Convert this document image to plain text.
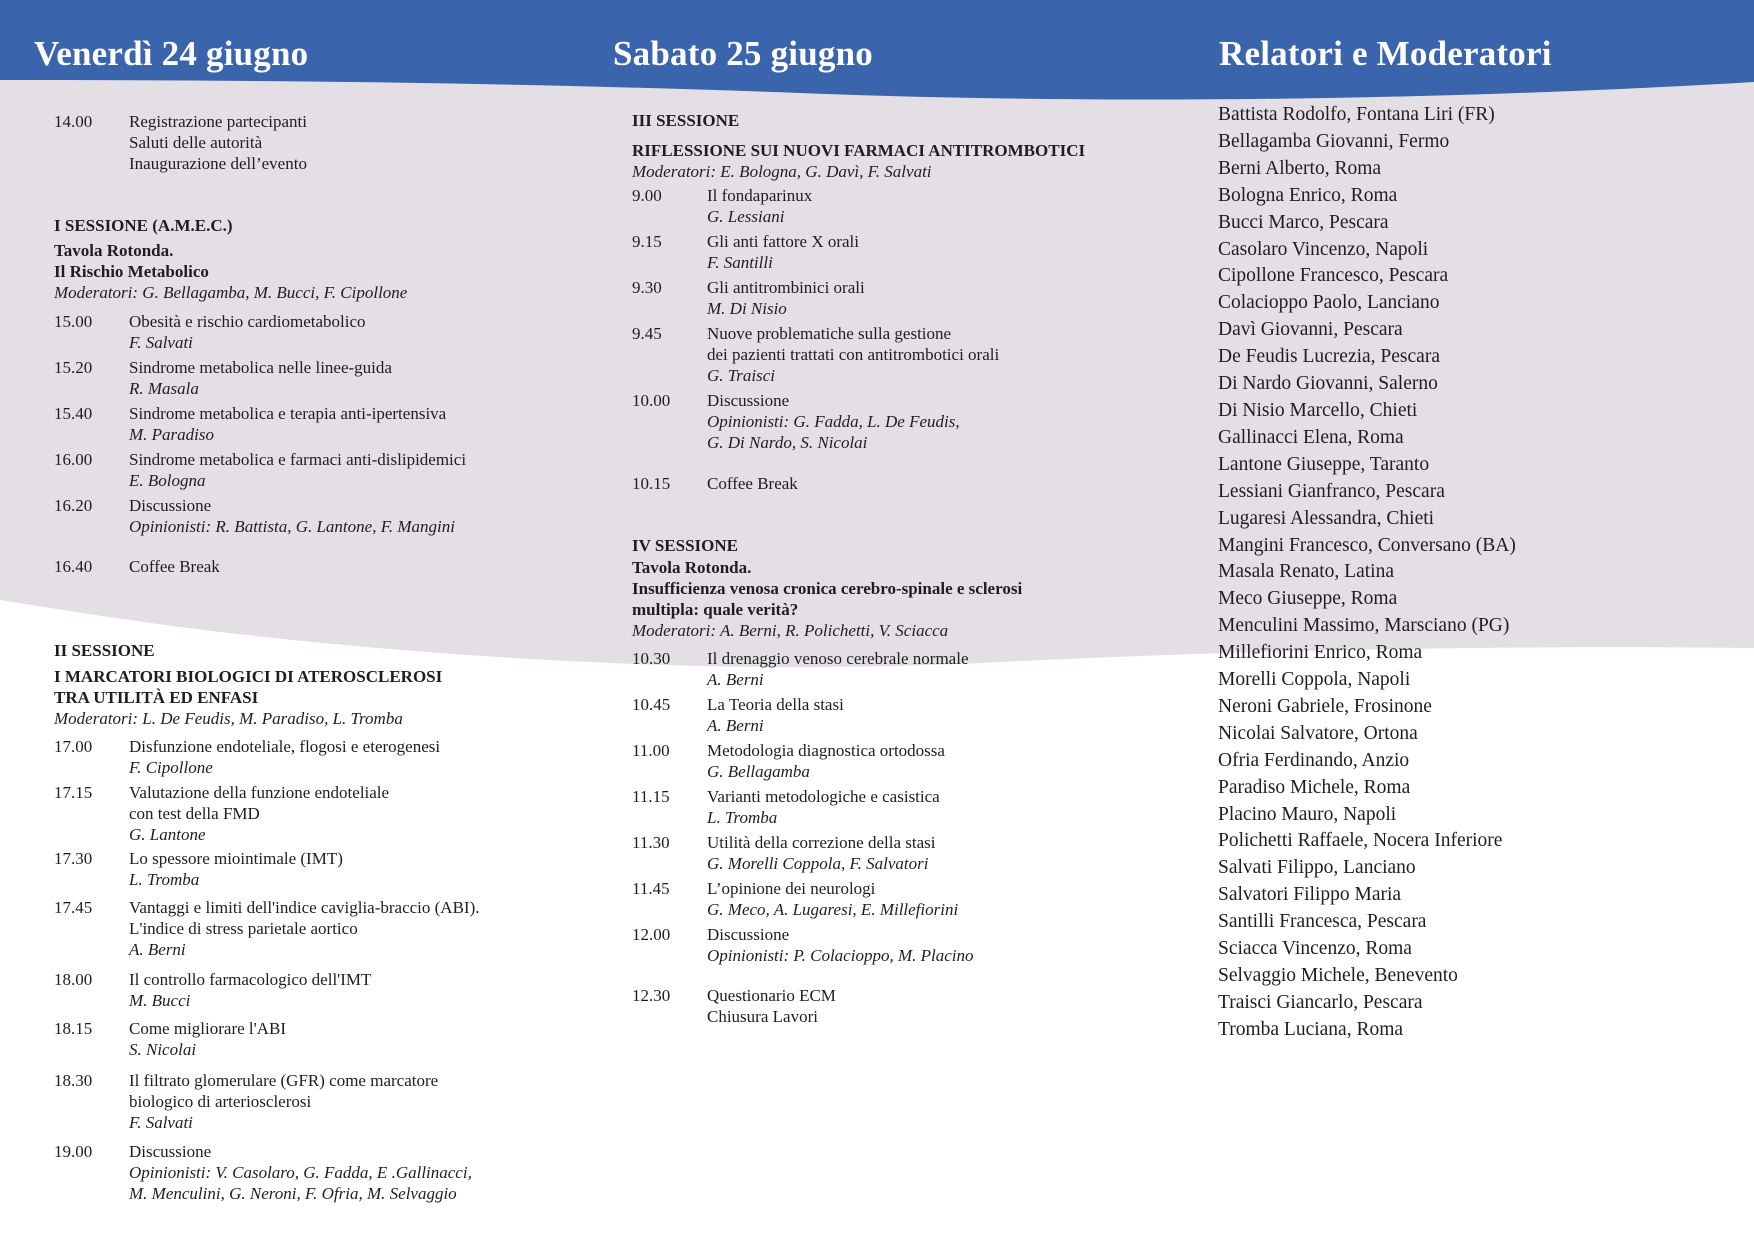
Venerdì 24 giugno
14.00	Registrazione partecipanti
Saluti delle autorità
Inaugurazione dell’evento
I SESSIONE (A.M.E.C.)
Tavola Rotonda.
Il Rischio Metabolico
Moderatori: G. Bellagamba, M. Bucci, F. Cipollone
15.00	Obesità e rischio cardiometabolico
F. Salvati
15.20	Sindrome metabolica nelle linee-guida
R. Masala
15.40	Sindrome metabolica e terapia anti-ipertensiva
M. Paradiso
16.00	Sindrome metabolica e farmaci anti-dislipidemici
E. Bologna
16.20	Discussione
Opinionisti: R. Battista, G. Lantone, F. Mangini
16.40	Coffee Break
II SESSIONE
I MARCATORI BIOLOGICI DI ATEROSCLEROSI
TRA UTILITÀ ED ENFASI
Moderatori: L. De Feudis, M. Paradiso, L. Tromba
17.00	Disfunzione endoteliale, flogosi e eterogenesi
F. Cipollone
17.15	Valutazione della funzione endoteliale
con test della FMD
G. Lantone
17.30	Lo spessore miointimale (IMT)
L. Tromba
17.45	Vantaggi e limiti dell'indice caviglia-braccio (ABI).
L'indice di stress parietale aortico
A. Berni
18.00	Il controllo farmacologico dell'IMT
M. Bucci
18.15	Come migliorare l'ABI
S. Nicolai
18.30	Il filtrato glomerulare (GFR) come marcatore
biologico di arteriosclerosi
F. Salvati
19.00	Discussione
Opinionisti: V. Casolaro, G. Fadda, E .Gallinacci,
M. Menculini, G. Neroni, F. Ofria, M. Selvaggio
Sabato 25 giugno
III SESSIONE
RIFLESSIONE SUI NUOVI FARMACI ANTITROMBOTICI
Moderatori: E. Bologna, G. Davì, F. Salvati
9.00	Il fondaparinux
G. Lessiani
9.15	Gli anti fattore X orali
F. Santilli
9.30	Gli antitrombinici orali
M. Di Nisio
9.45	Nuove problematiche sulla gestione
dei pazienti trattati con antitrombotici orali
G. Traisci
10.00	Discussione
Opinionisti: G. Fadda, L. De Feudis,
G. Di Nardo, S. Nicolai
10.15	Coffee Break
IV SESSIONE
Tavola Rotonda.
Insufficienza venosa cronica cerebro-spinale e sclerosi
multipla: quale verità?
Moderatori: A. Berni, R. Polichetti, V. Sciacca
10.30	Il drenaggio venoso cerebrale normale
A. Berni
10.45	La Teoria della stasi
A. Berni
11.00	Metodologia diagnostica ortodossa
G. Bellagamba
11.15	Varianti metodologiche e casistica
L. Tromba
11.30	Utilità della correzione della stasi
G. Morelli Coppola, F. Salvatori
11.45	L’opinione dei neurologi
G. Meco, A. Lugaresi, E. Millefiorini
12.00	Discussione
Opinionisti: P. Colacioppo, M. Placino
12.30	Questionario ECM
Chiusura Lavori
Relatori e Moderatori
Battista Rodolfo, Fontana Liri (FR)
Bellagamba Giovanni, Fermo
Berni Alberto, Roma
Bologna Enrico, Roma
Bucci Marco, Pescara
Casolaro Vincenzo, Napoli
Cipollone Francesco, Pescara
Colacioppo Paolo, Lanciano
Davì Giovanni, Pescara
De Feudis Lucrezia, Pescara
Di Nardo Giovanni, Salerno
Di Nisio Marcello, Chieti
Gallinacci Elena, Roma
Lantone Giuseppe, Taranto
Lessiani Gianfranco, Pescara
Lugaresi Alessandra, Chieti
Mangini Francesco, Conversano (BA)
Masala Renato, Latina
Meco Giuseppe, Roma
Menculini Massimo, Marsciano (PG)
Millefiorini Enrico, Roma
Morelli Coppola, Napoli
Neroni Gabriele, Frosinone
Nicolai Salvatore, Ortona
Ofria Ferdinando, Anzio
Paradiso Michele, Roma
Placino Mauro, Napoli
Polichetti Raffaele, Nocera Inferiore
Salvati Filippo, Lanciano
Salvatori Filippo Maria
Santilli Francesca, Pescara
Sciacca Vincenzo, Roma
Selvaggio Michele, Benevento
Traisci Giancarlo, Pescara
Tromba Luciana, Roma
